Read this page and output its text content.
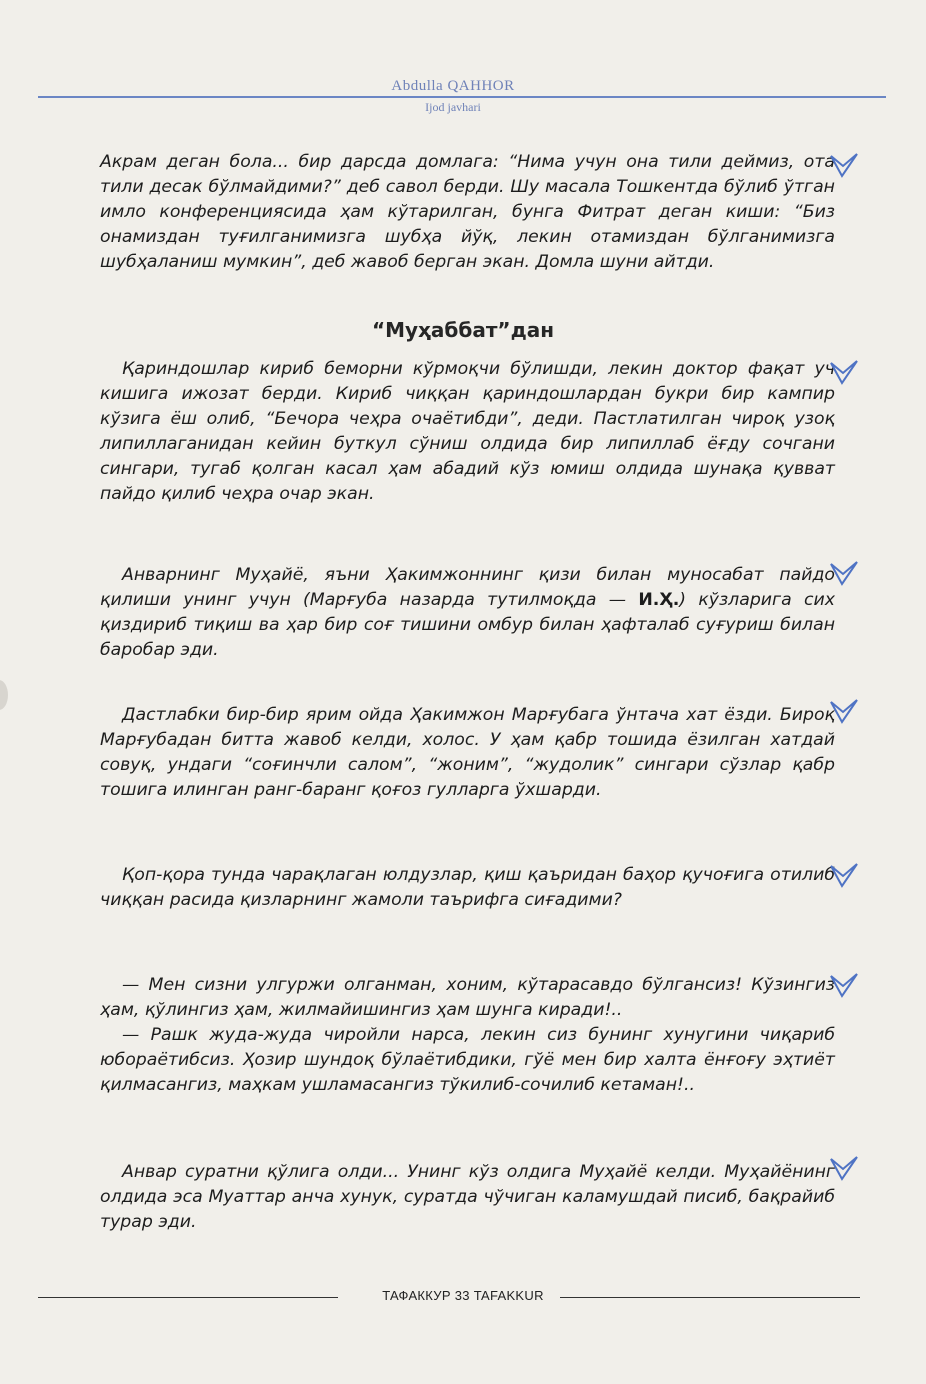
Abdulla QAHHOR
Ijod javhari
Акрам деган бола... бир дарсда домлага: “Нима учун она тили деймиз, ота тили десак бўлмайдими?” деб савол берди. Шу масала Тошкентда бўлиб ўтган имло конференциясида ҳам кўтарилган, бунга Фитрат деган киши: “Биз онамиздан туғилганимизга шубҳа йўқ, лекин отамиздан бўлганимизга шубҳаланиш мумкин”, деб жавоб берган экан. Домла шуни айтди.
“Муҳаббат”дан
Қариндошлар кириб беморни кўрмоқчи бўлишди, лекин доктор фақат уч кишига ижозат берди. Кириб чиққан қариндошлардан букри бир кампир кўзига ёш олиб, “Бечора чеҳра очаётибди”, деди. Пастлатилган чироқ узоқ липиллаганидан кейин буткул сўниш олдида бир липиллаб ёғду сочгани сингари, тугаб қолган касал ҳам абадий кўз юмиш олдида шунақа қувват пайдо қилиб чеҳра очар экан.
Анварнинг Муҳайё, яъни Ҳакимжоннинг қизи билан муносабат пайдо қилиши унинг учун (Марғуба назарда тутилмоқда — И.Ҳ.) кўзларига сих қиздириб тиқиш ва ҳар бир соғ тишини омбур билан ҳафталаб суғуриш билан баробар эди.
Дастлабки бир-бир ярим ойда Ҳакимжон Марғубага ўнтача хат ёзди. Бироқ Марғубадан битта жавоб келди, холос. У ҳам қабр тошида ёзилган хатдай совуқ, ундаги “соғинчли салом”, “жоним”, “жудолик” сингари сўзлар қабр тошига илинган ранг-баранг қоғоз гулларга ўхшарди.
Қоп-қора тунда чарақлаган юлдузлар, қиш қаъридан баҳор қучоғига отилиб чиққан расида қизларнинг жамоли таърифга сиғадими?
— Мен сизни улгуржи олганман, хоним, кўтарасавдо бўлгансиз! Кўзингиз ҳам, қўлингиз ҳам, жилмайишингиз ҳам шунга киради!..
— Рашк жуда-жуда чиройли нарса, лекин сиз бунинг хунугини чиқариб юбораётибсиз. Ҳозир шундоқ бўлаётибдики, гўё мен бир халта ёнғоғу эҳтиёт қилмасангиз, маҳкам ушламасангиз тўкилиб-сочилиб кетаман!..
Анвар суратни қўлига олди... Унинг кўз олдига Муҳайё келди. Муҳайёнинг олдида эса Муаттар анча хунук, суратда чўчиган каламушдай писиб, бақрайиб турар эди.
ТАФАККУР 33 TAFAKKUR
